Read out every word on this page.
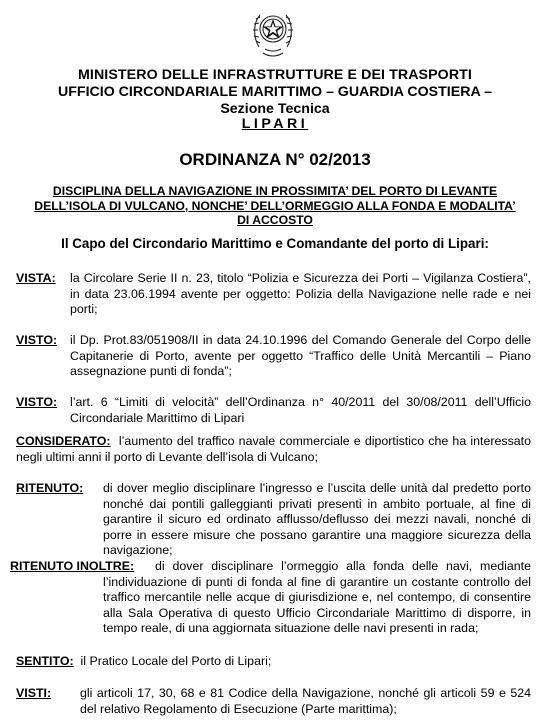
MINISTERO DELLE INFRASTRUTTURE E DEI TRASPORTI
UFFICIO CIRCONDARIALE MARITTIMO – GUARDIA COSTIERA –
Sezione Tecnica
LIPARI
ORDINANZA N° 02/2013
DISCIPLINA DELLA NAVIGAZIONE IN PROSSIMITA’ DEL PORTO DI LEVANTE DELL’ISOLA DI VULCANO, NONCHE’ DELL’ORMEGGIO ALLA FONDA E MODALITA’ DI ACCOSTO
Il Capo del Circondario Marittimo e Comandante del porto di Lipari:
VISTA: la Circolare Serie II n. 23, titolo “Polizia e Sicurezza dei Porti – Vigilanza Costiera”, in data 23.06.1994 avente per oggetto: Polizia della Navigazione nelle rade e nei porti;
VISTO:	il Dp. Prot.83/051908/II in data 24.10.1996 del Comando Generale del Corpo delle Capitanerie di Porto, avente per oggetto “Traffico delle Unità Mercantili – Piano assegnazione punti di fonda”;
VISTO:	l’art. 6 “Limiti di velocità” dell’Ordinanza n° 40/2011 del 30/08/2011 dell’Ufficio Circondariale Marittimo di Lipari
CONSIDERATO: l’aumento del traffico navale commerciale e diportistico che ha interessato negli ultimi anni il porto di Levante dell’isola di Vulcano;
RITENUTO:	di dover meglio disciplinare l’ingresso e l’uscita delle unità dal predetto porto nonché dai pontili galleggianti privati presenti in ambito portuale, al fine di garantire il sicuro ed ordinato afflusso/deflusso dei mezzi navali, nonché di porre in essere misure che possano garantire una maggiore sicurezza della navigazione;
RITENUTO INOLTRE:	di dover disciplinare l’ormeggio alla fonda delle navi, mediante l’individuazione di punti di fonda al fine di garantire un costante controllo del traffico mercantile nelle acque di giurisdizione e, nel contempo, di consentire alla Sala Operativa di questo Ufficio Circondariale Marittimo di disporre, in tempo reale, di una aggiornata situazione delle navi presenti in rada;
SENTITO: il Pratico Locale del Porto di Lipari;
VISTI:	gli articoli 17, 30, 68 e 81 Codice della Navigazione, nonché gli articoli 59 e 524 del relativo Regolamento di Esecuzione (Parte marittima);
